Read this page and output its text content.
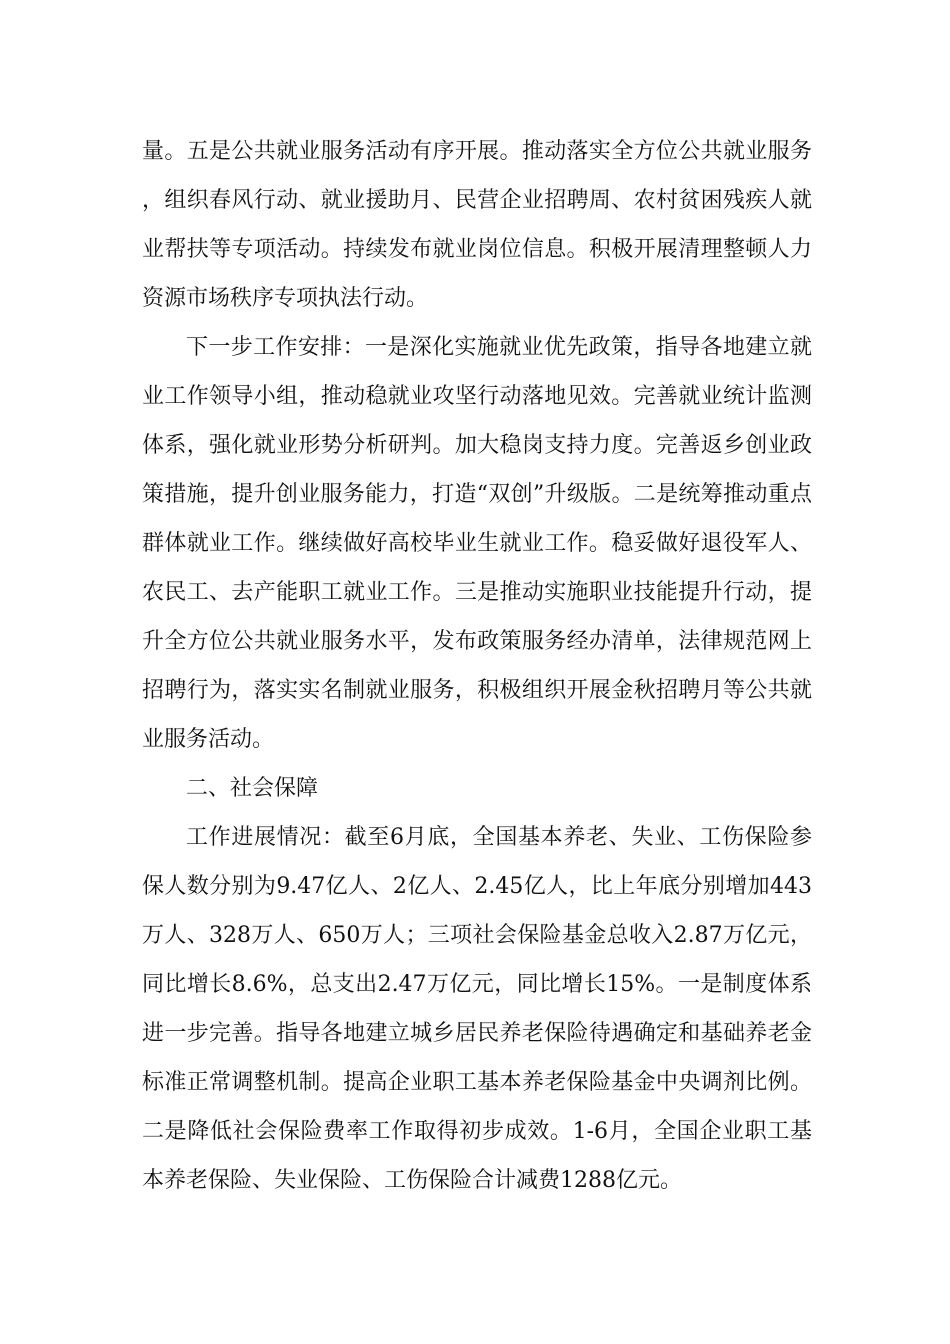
量。五是公共就业服务活动有序开展。推动落实全方位公共就业服务，组织春风行动、就业援助月、民营企业招聘周、农村贫困残疾人就业帮扶等专项活动。持续发布就业岗位信息。积极开展清理整顿人力资源市场秩序专项执法行动。

下一步工作安排：一是深化实施就业优先政策，指导各地建立就业工作领导小组，推动稳就业攻坚行动落地见效。完善就业统计监测体系，强化就业形势分析研判。加大稳岗支持力度。完善返乡创业政策措施，提升创业服务能力，打造“双创”升级版。二是统筹推动重点群体就业工作。继续做好高校毕业生就业工作。稳妥做好退役军人、农民工、去产能职工就业工作。三是推动实施职业技能提升行动，提升全方位公共就业服务水平，发布政策服务经办清单，法律规范网上招聘行为，落实实名制就业服务，积极组织开展金秋招聘月等公共就业服务活动。

二、社会保障

工作进展情况：截至6月底，全国基本养老、失业、工伤保险参保人数分别为9.47亿人、2亿人、2.45亿人，比上年底分别增加443万人、328万人、650万人；三项社会保险基金总收入2.87万亿元，同比增长8.6%，总支出2.47万亿元，同比增长15%。一是制度体系进一步完善。指导各地建立城乡居民养老保险待遇确定和基础养老金标准正常调整机制。提高企业职工基本养老保险基金中央调剂比例。二是降低社会保险费率工作取得初步成效。1-6月，全国企业职工基本养老保险、失业保险、工伤保险合计减费1288亿元。
